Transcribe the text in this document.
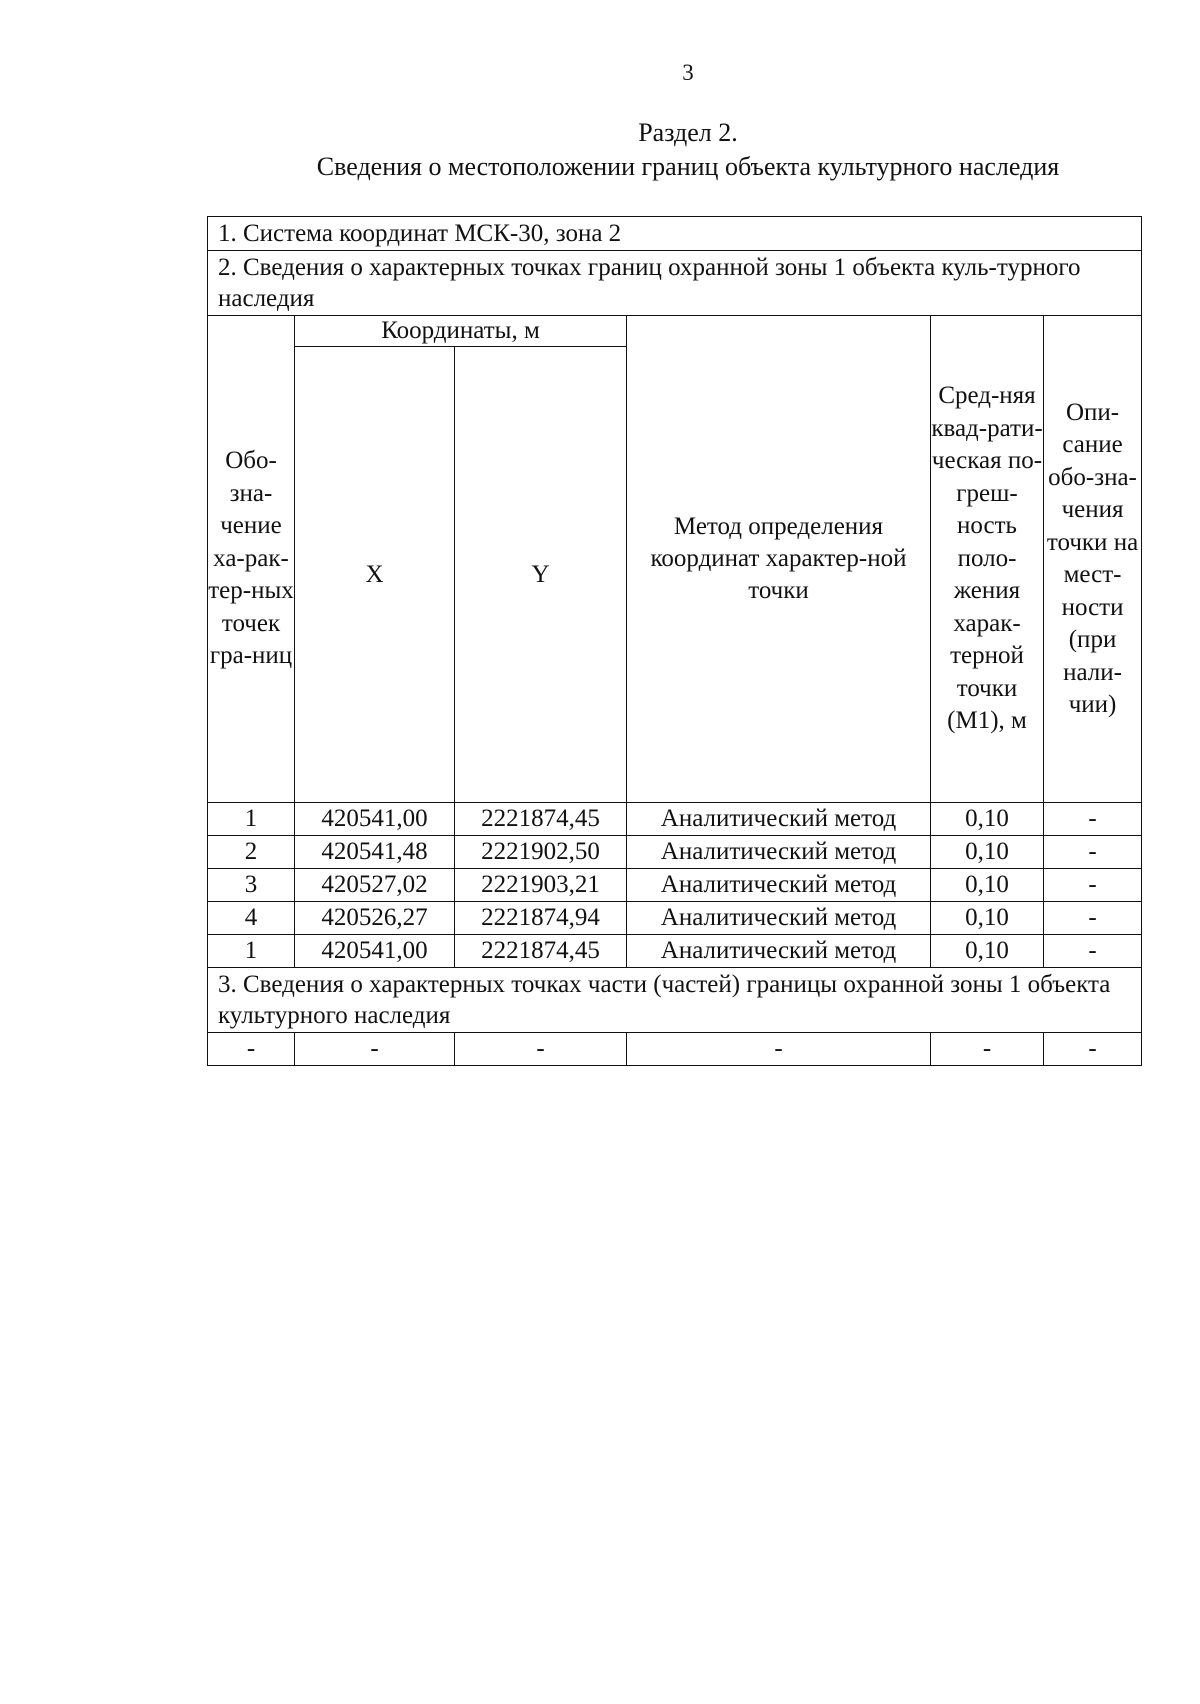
3
Раздел 2.
Сведения о местоположении границ объекта культурного наследия
1. Система координат МСК-30, зона 2					
2. Сведения о характерных точках границ охранной зоны 1 объекта куль-турного наследия					
Обо-зна-чение ха-рак-тер-ных точек гра-ниц	Координаты, м		Метод определения координат характер-ной точки	Сред-няя квад-рати-ческая по-греш-ность поло-жения харак-терной точки (M1), м	Опи-сание обо-зна-чения точки на мест-ности (при нали-чии)
	X	Y			
1	420541,00	2221874,45	Аналитический метод	0,10	-
2	420541,48	2221902,50	Аналитический метод	0,10	-
3	420527,02	2221903,21	Аналитический метод	0,10	-
4	420526,27	2221874,94	Аналитический метод	0,10	-
1	420541,00	2221874,45	Аналитический метод	0,10	-
3. Сведения о характерных точках части (частей) границы охранной зоны 1 объекта культурного наследия					
-	-	-	-	-	-
